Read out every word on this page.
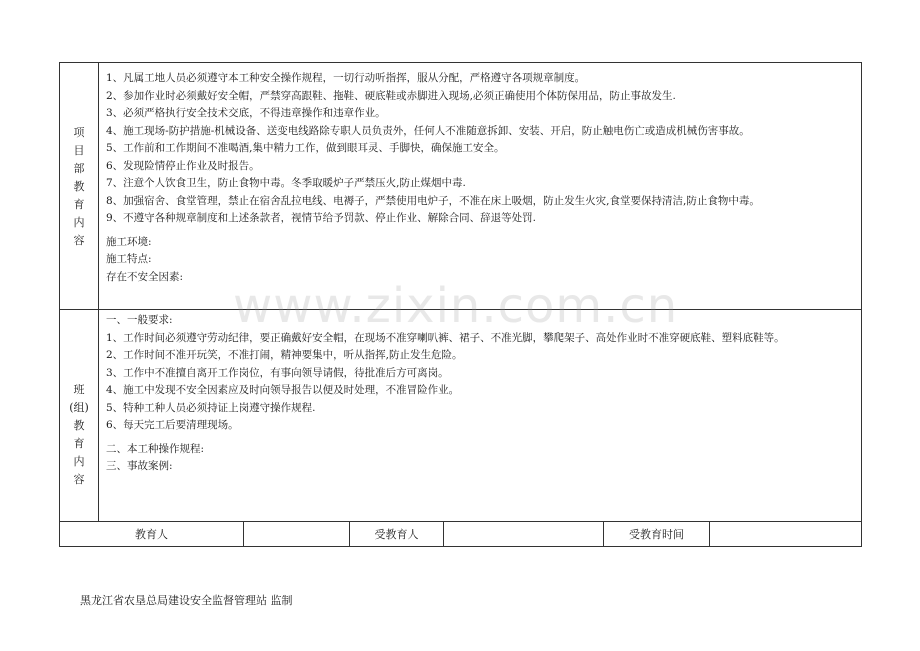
项
目
部
教
育
内
容
1、凡属工地人员必须遵守本工种安全操作规程，一切行动听指挥，服从分配，严格遵守各项规章制度。
2、参加作业时必须戴好安全帽，严禁穿高跟鞋、拖鞋、硬底鞋或赤脚进入现场,必须正确使用个体防保用品，防止事故发生.
3、必须严格执行安全技术交底，不得违章操作和违章作业。
4、施工现场-防护措施-机械设备、送变电线路除专职人员负责外，任何人不准随意拆卸、安装、开启，防止触电伤亡或造成机械伤害事故。
5、工作前和工作期间不准喝酒,集中精力工作，做到眼耳灵、手脚快，确保施工安全。
6、发现险情停止作业及时报告。
7、注意个人饮食卫生，防止食物中毒。冬季取暖炉子严禁压火,防止煤烟中毒.
8、加强宿舍、食堂管理，禁止在宿舍乱拉电线、电褥子，严禁使用电炉子，不准在床上吸烟，防止发生火灾,食堂要保持清洁,防止食物中毒。
9、不遵守各种规章制度和上述条款者，视情节给予罚款、停止作业、解除合同、辞退等处罚.
施工环境:
施工特点:
存在不安全因素:
班
(组)
教
育
内
容
一、一般要求:
1、工作时间必须遵守劳动纪律，要正确戴好安全帽，在现场不准穿喇叭裤、裙子、不准光脚，攀爬架子、高处作业时不准穿硬底鞋、塑料底鞋等。
2、工作时间不准开玩笑，不准打闹，精神要集中，听从指挥,防止发生危险。
3、工作中不准擅自离开工作岗位，有事向领导请假，待批准后方可离岗。
4、施工中发现不安全因素应及时向领导报告以便及时处理，不准冒险作业。
5、特种工种人员必须持证上岗遵守操作规程.
6、每天完工后要清理现场。
二、本工种操作规程:
三、事故案例:
教育人	受教育人	受教育时间
www.zixin.com.cn
黑龙江省农垦总局建设安全监督管理站 监制
